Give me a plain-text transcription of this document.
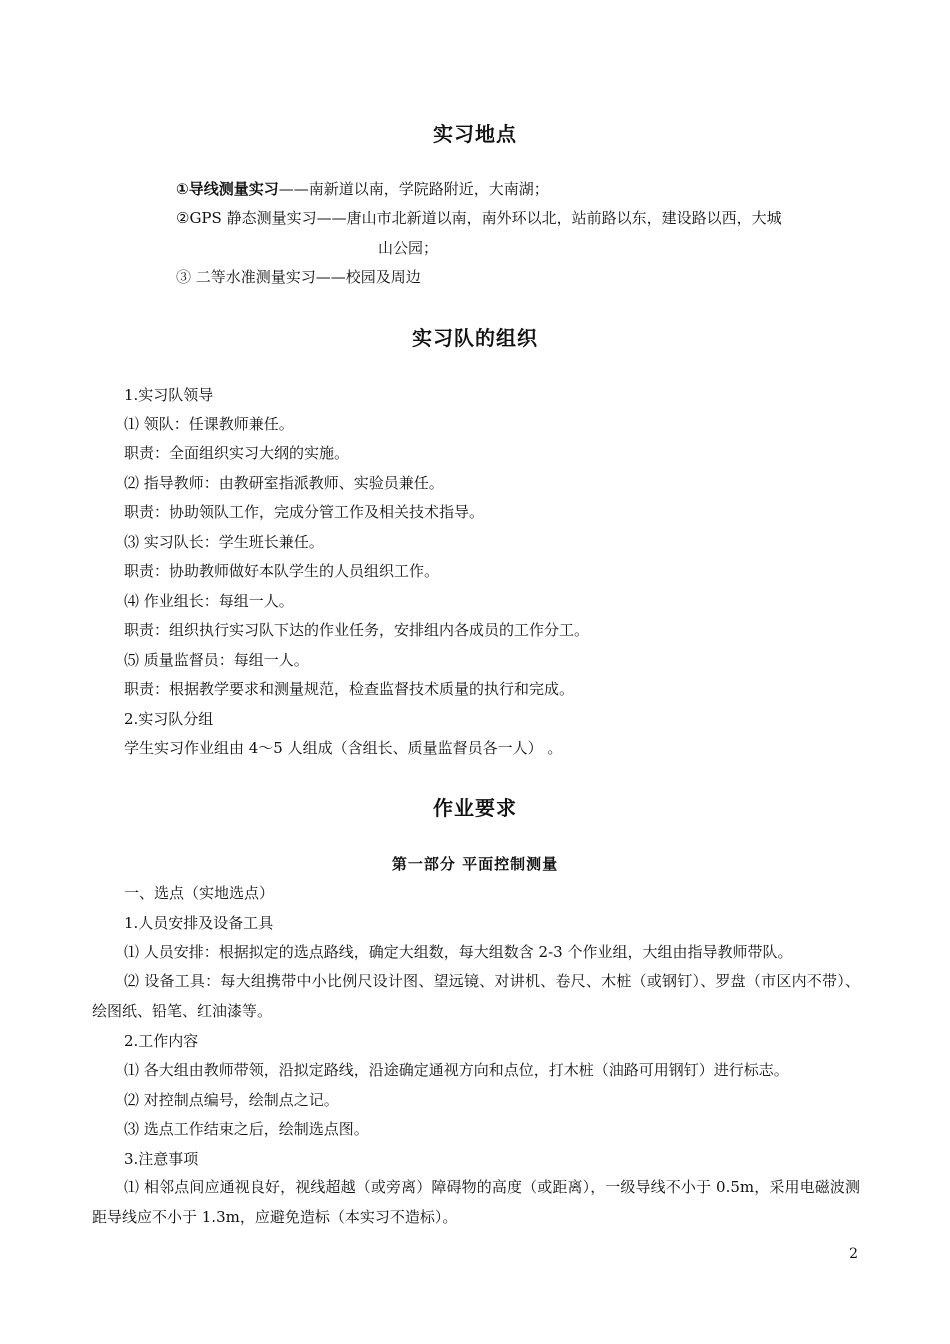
实习地点
①导线测量实习——南新道以南，学院路附近，大南湖；
②GPS 静态测量实习——唐山市北新道以南，南外环以北，站前路以东，建设路以西，大城
山公园；
③ 二等水准测量实习——校园及周边
实习队的组织
1.实习队领导
⑴ 领队：任课教师兼任。
职责：全面组织实习大纲的实施。
⑵ 指导教师：由教研室指派教师、实验员兼任。
职责：协助领队工作，完成分管工作及相关技术指导。
⑶ 实习队长：学生班长兼任。
职责：协助教师做好本队学生的人员组织工作。
⑷ 作业组长：每组一人。
职责：组织执行实习队下达的作业任务，安排组内各成员的工作分工。
⑸ 质量监督员：每组一人。
职责：根据教学要求和测量规范，检查监督技术质量的执行和完成。
2.实习队分组
学生实习作业组由 4～5 人组成（含组长、质量监督员各一人） 。
作业要求
第一部分 平面控制测量
一、选点（实地选点）
1.人员安排及设备工具
⑴ 人员安排：根据拟定的选点路线，确定大组数，每大组数含 2-3 个作业组，大组由指导教师带队。
⑵ 设备工具：每大组携带中小比例尺设计图、望远镜、对讲机、卷尺、木桩（或钢钉）、罗盘（市区内不带）、绘图纸、铅笔、红油漆等。
2.工作内容
⑴ 各大组由教师带领，沿拟定路线，沿途确定通视方向和点位，打木桩（油路可用钢钉）进行标志。
⑵ 对控制点编号，绘制点之记。
⑶ 选点工作结束之后，绘制选点图。
3.注意事项
⑴ 相邻点间应通视良好，视线超越（或旁离）障碍物的高度（或距离），一级导线不小于 0.5m，采用电磁波测距导线应不小于 1.3m，应避免造标（本实习不造标）。
2
